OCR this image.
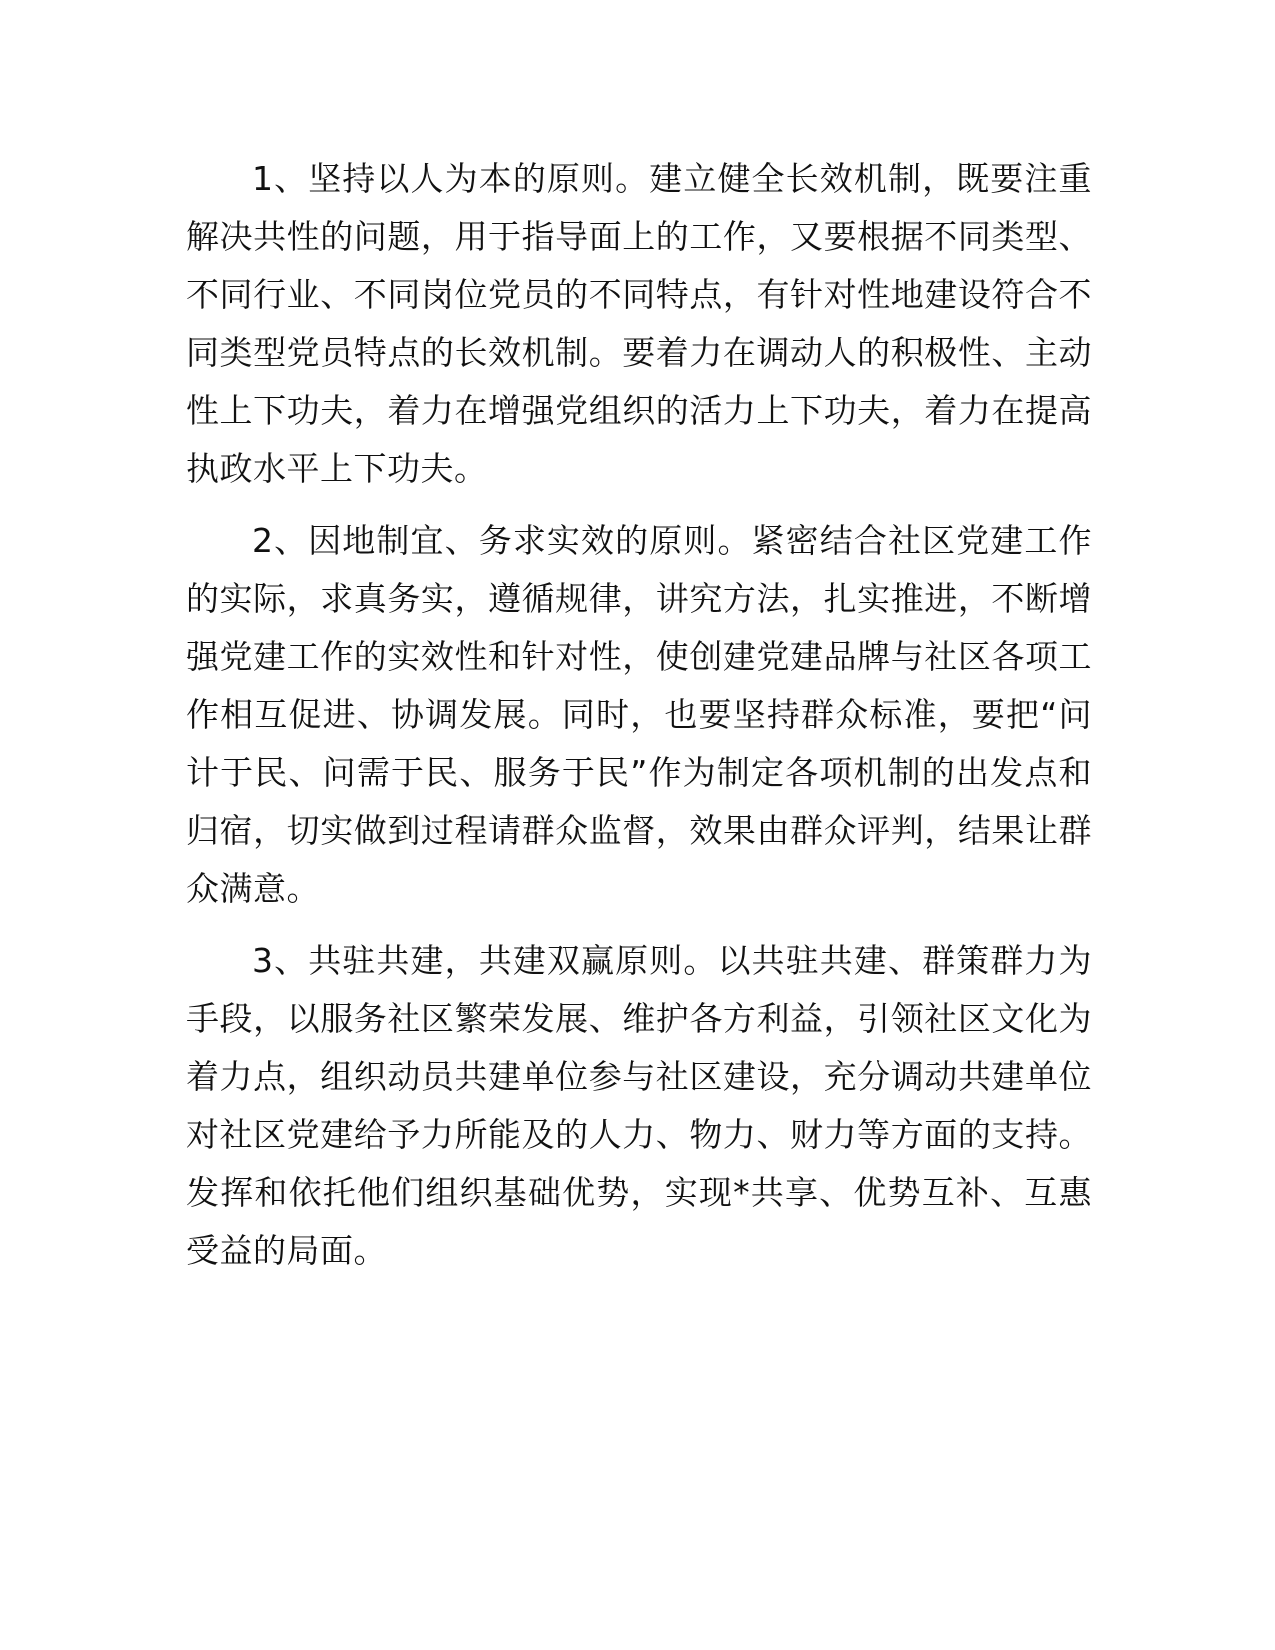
1、坚持以人为本的原则。建立健全长效机制，既要注重解决共性的问题，用于指导面上的工作，又要根据不同类型、不同行业、不同岗位党员的不同特点，有针对性地建设符合不同类型党员特点的长效机制。要着力在调动人的积极性、主动性上下功夫，着力在增强党组织的活力上下功夫，着力在提高执政水平上下功夫。

2、因地制宜、务求实效的原则。紧密结合社区党建工作的实际，求真务实，遵循规律，讲究方法，扎实推进，不断增强党建工作的实效性和针对性，使创建党建品牌与社区各项工作相互促进、协调发展。同时，也要坚持群众标准，要把“问计于民、问需于民、服务于民”作为制定各项机制的出发点和归宿，切实做到过程请群众监督，效果由群众评判，结果让群众满意。

3、共驻共建，共建双赢原则。以共驻共建、群策群力为手段，以服务社区繁荣发展、维护各方利益，引领社区文化为着力点，组织动员共建单位参与社区建设，充分调动共建单位对社区党建给予力所能及的人力、物力、财力等方面的支持。发挥和依托他们组织基础优势，实现*共享、优势互补、互惠受益的局面。
